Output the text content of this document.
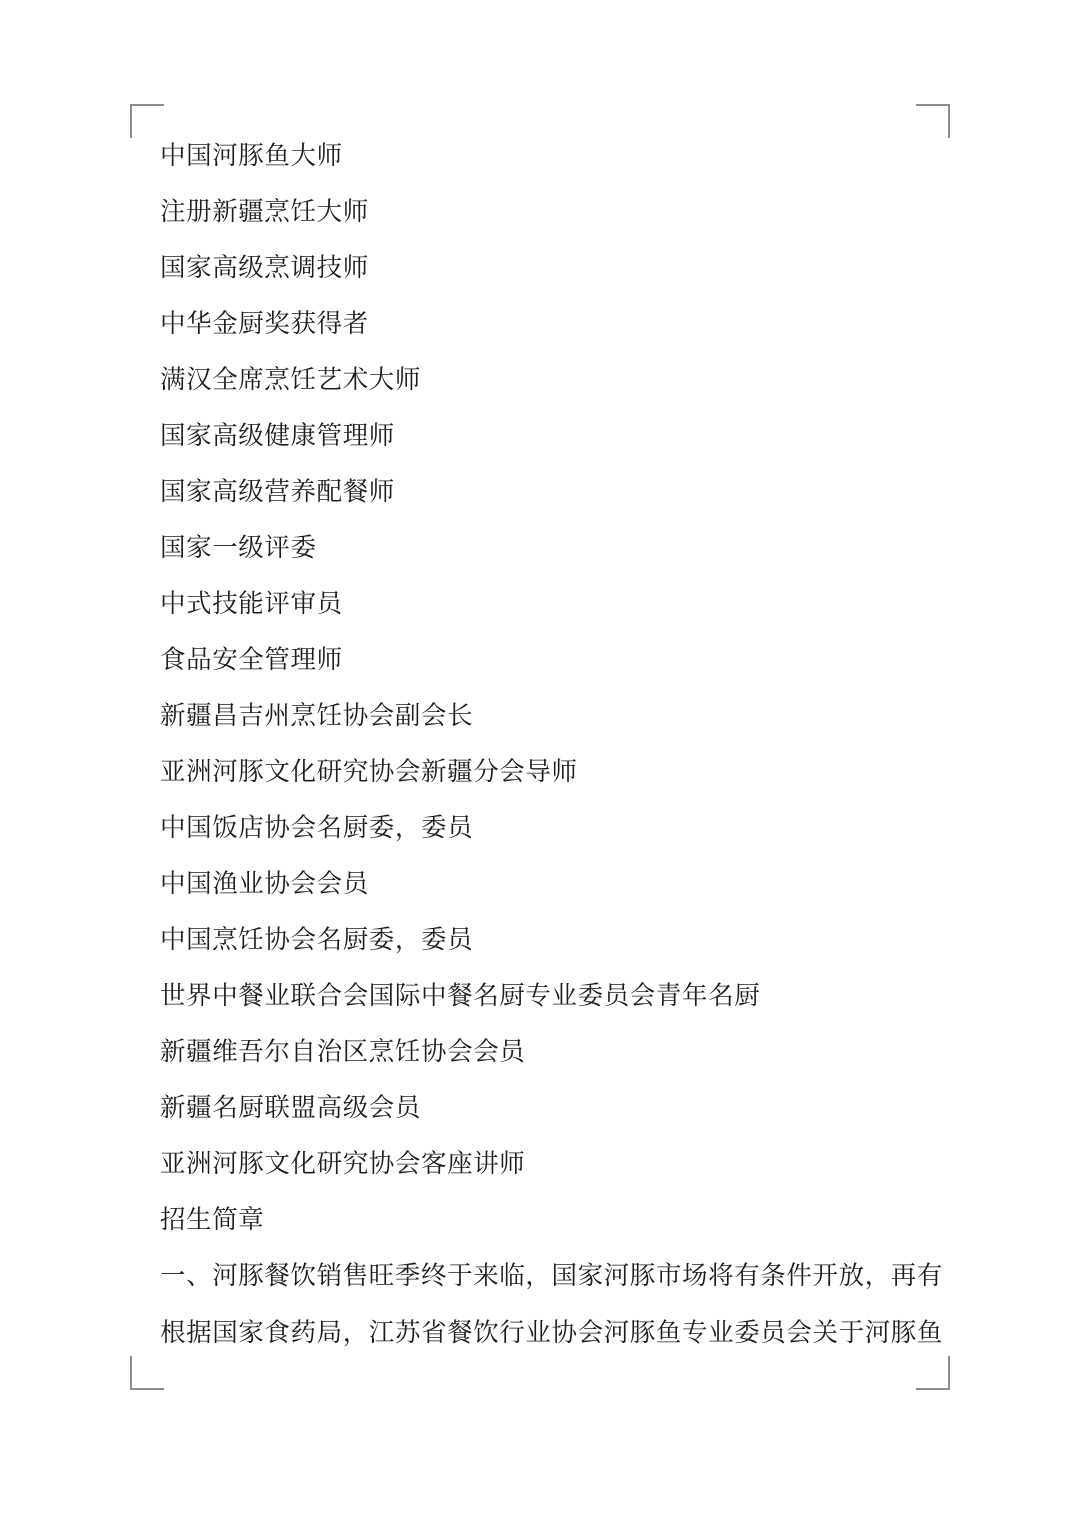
中国河豚鱼大师
注册新疆烹饪大师
国家高级烹调技师
中华金厨奖获得者
满汉全席烹饪艺术大师
国家高级健康管理师
国家高级营养配餐师
国家一级评委
中式技能评审员
食品安全管理师
新疆昌吉州烹饪协会副会长
亚洲河豚文化研究协会新疆分会导师
中国饭店协会名厨委，委员
中国渔业协会会员
中国烹饪协会名厨委，委员
世界中餐业联合会国际中餐名厨专业委员会青年名厨
新疆维吾尔自治区烹饪协会会员
新疆名厨联盟高级会员
亚洲河豚文化研究协会客座讲师
招生简章
一、河豚餐饮销售旺季终于来临，国家河豚市场将有条件开放，再有
根据国家食药局，江苏省餐饮行业协会河豚鱼专业委员会关于河豚鱼
